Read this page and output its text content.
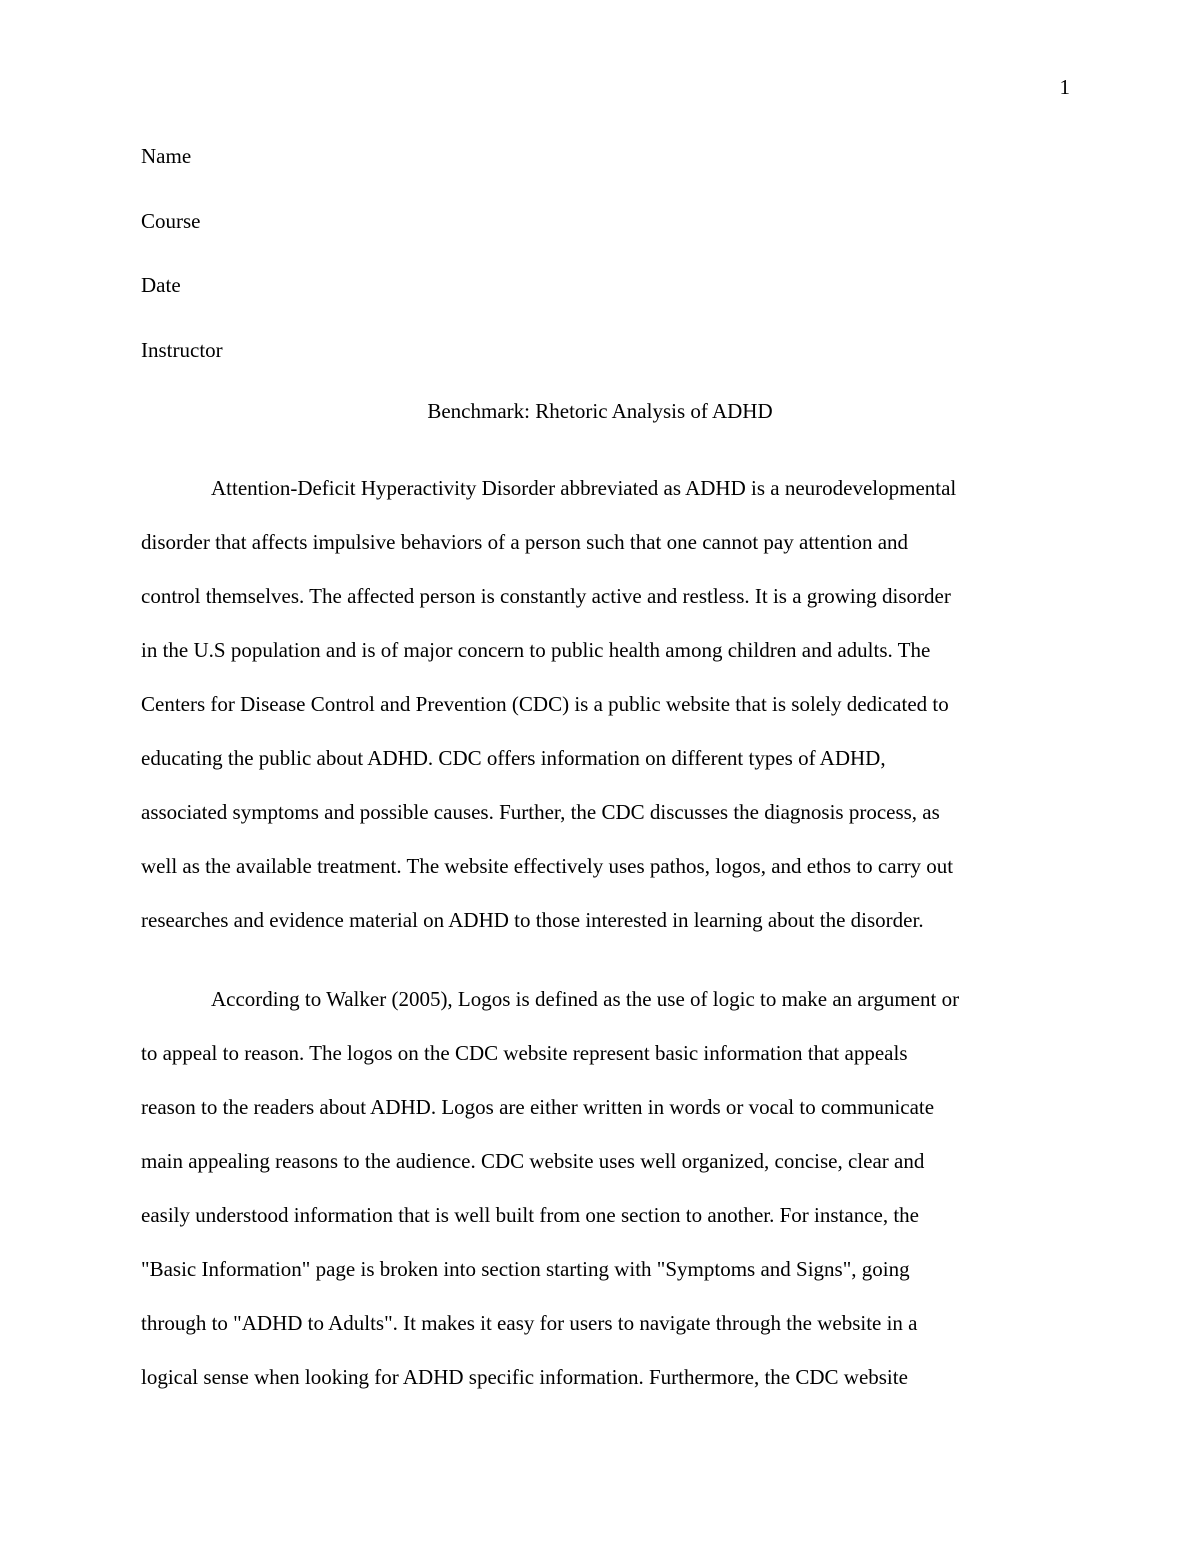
1
Name
Course
Date
Instructor
Benchmark: Rhetoric Analysis of ADHD
Attention-Deficit Hyperactivity Disorder abbreviated as ADHD is a neurodevelopmental
disorder that affects impulsive behaviors of a person such that one cannot pay attention and
control themselves. The affected person is constantly active and restless. It is a growing disorder
in the U.S population and is of major concern to public health among children and adults. The
Centers for Disease Control and Prevention (CDC) is a public website that is solely dedicated to
educating the public about ADHD. CDC offers information on different types of ADHD,
associated symptoms and possible causes. Further, the CDC discusses the diagnosis process, as
well as the available treatment. The website effectively uses pathos, logos, and ethos to carry out
researches and evidence material on ADHD to those interested in learning about the disorder.
According to Walker (2005), Logos is defined as the use of logic to make an argument or
to appeal to reason. The logos on the CDC website represent basic information that appeals
reason to the readers about ADHD. Logos are either written in words or vocal to communicate
main appealing reasons to the audience. CDC website uses well organized, concise, clear and
easily understood information that is well built from one section to another. For instance, the
"Basic Information" page is broken into section starting with "Symptoms and Signs", going
through to "ADHD to Adults". It makes it easy for users to navigate through the website in a
logical sense when looking for ADHD specific information. Furthermore, the CDC website
